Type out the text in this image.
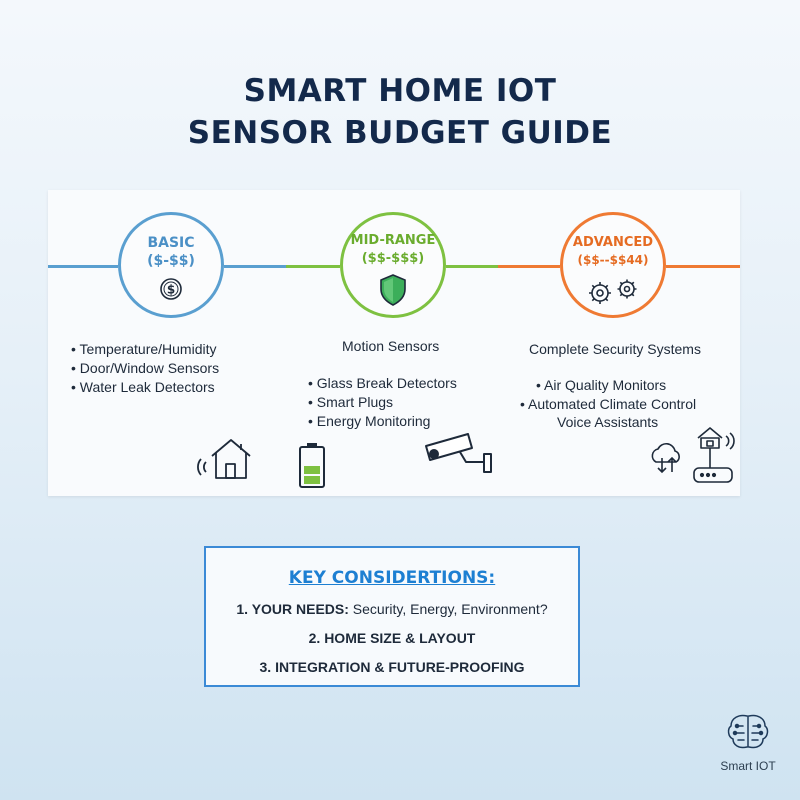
SMART HOME IOT
SENSOR BUDGET GUIDE
BASIC
($-$$)
$
MID-RANGE
($$-$$$)
ADVANCED
($$--$$44)
• Temperature/Humidity
• Door/Window Sensors
• Water Leak Detectors
Motion Sensors
• Glass Break Detectors
• Smart Plugs
• Energy Monitoring
Complete Security Systems
• Air Quality Monitors
• Automated Climate Control
Voice Assistants
KEY CONSIDERTIONS:
1. YOUR NEEDS: Security, Energy, Environment?
2. HOME SIZE & LAYOUT
3. INTEGRATION & FUTURE-PROOFING
Smart IOT
